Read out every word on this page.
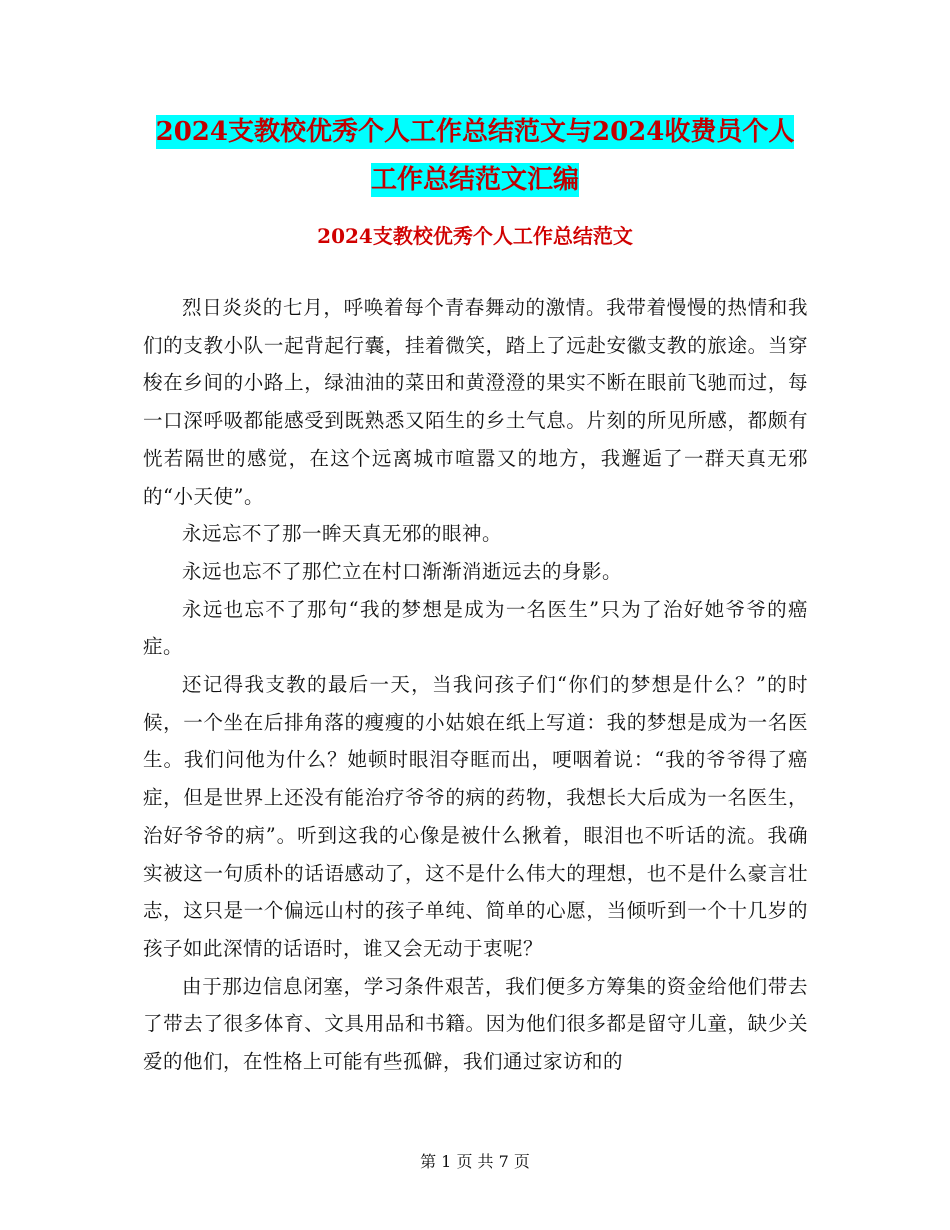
2024支教校优秀个人工作总结范文与2024收费员个人
工作总结范文汇编
2024支教校优秀个人工作总结范文

烈日炎炎的七月，呼唤着每个青春舞动的激情。我带着慢慢的热情和我们的支教小队一起背起行囊，挂着微笑，踏上了远赴安徽支教的旅途。当穿梭在乡间的小路上，绿油油的菜田和黄澄澄的果实不断在眼前飞驰而过，每一口深呼吸都能感受到既熟悉又陌生的乡土气息。片刻的所见所感，都颇有恍若隔世的感觉，在这个远离城市喧嚣又的地方，我邂逅了一群天真无邪的“小天使”。

永远忘不了那一眸天真无邪的眼神。

永远也忘不了那伫立在村口渐渐消逝远去的身影。

永远也忘不了那句“我的梦想是成为一名医生”只为了治好她爷爷的癌症。

还记得我支教的最后一天，当我问孩子们“你们的梦想是什么？”的时候，一个坐在后排角落的瘦瘦的小姑娘在纸上写道：我的梦想是成为一名医生。我们问他为什么？她顿时眼泪夺眶而出，哽咽着说：“我的爷爷得了癌症，但是世界上还没有能治疗爷爷的病的药物，我想长大后成为一名医生，治好爷爷的病”。听到这我的心像是被什么揪着，眼泪也不听话的流。我确实被这一句质朴的话语感动了，这不是什么伟大的理想，也不是什么豪言壮志，这只是一个偏远山村的孩子单纯、简单的心愿，当倾听到一个十几岁的孩子如此深情的话语时，谁又会无动于衷呢？

由于那边信息闭塞，学习条件艰苦，我们便多方筹集的资金给他们带去了带去了很多体育、文具用品和书籍。因为他们很多都是留守儿童，缺少关爱的他们，在性格上可能有些孤僻，我们通过家访和的

第 1 页 共 7 页
